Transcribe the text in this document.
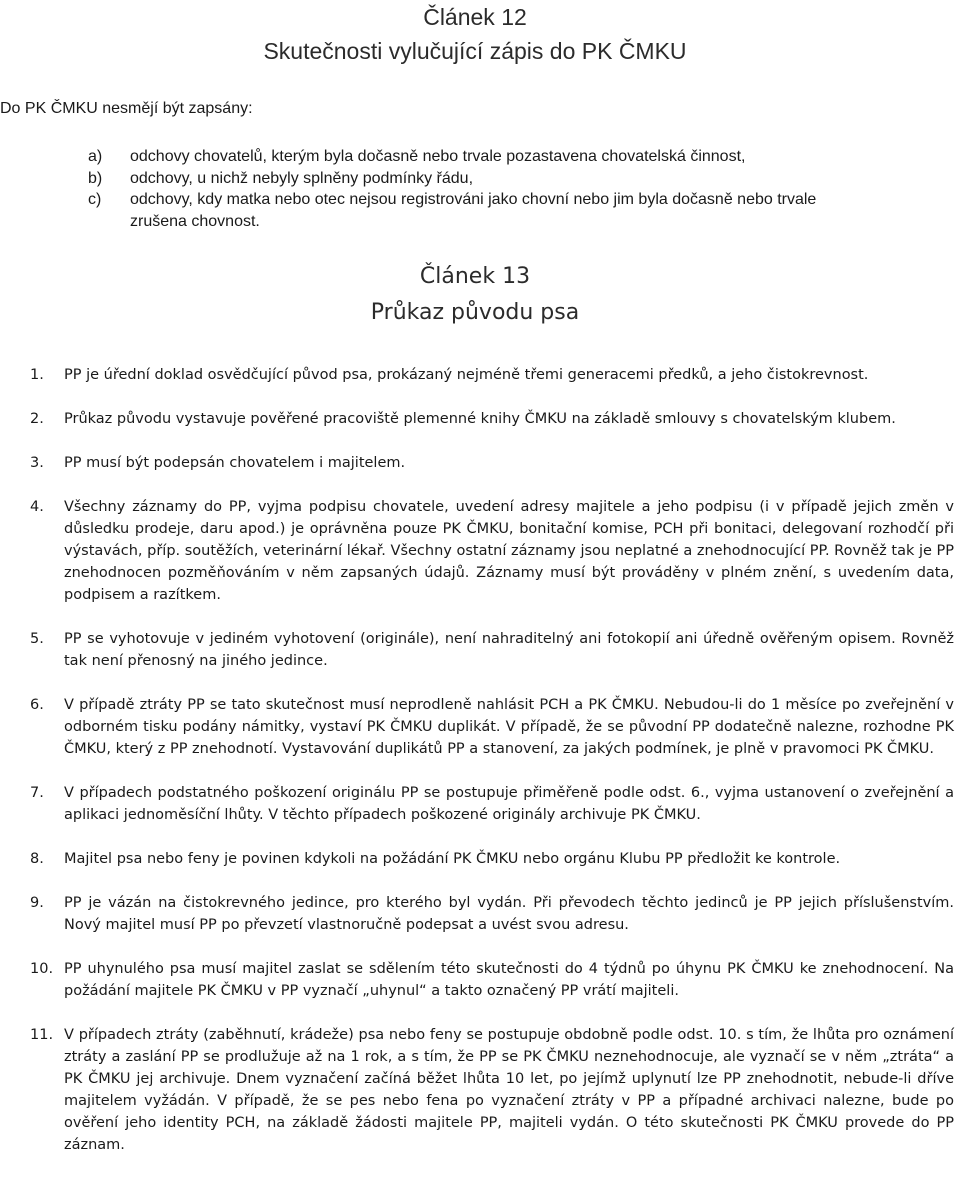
Článek 12
Skutečnosti vylučující zápis do PK ČMKU
Do PK ČMKU nesmějí být zapsány:
a)	odchovy chovatelů, kterým byla dočasně nebo trvale pozastavena chovatelská činnost,
b)	odchovy, u nichž nebyly splněny podmínky řádu,
c)	odchovy, kdy matka nebo otec nejsou registrováni jako chovní nebo jim byla dočasně nebo trvale
zrušena chovnost.
Článek 13
Průkaz původu psa
1.	PP je úřední doklad osvědčující původ psa, prokázaný nejméně třemi generacemi předků, a jeho čistokrevnost.
2.	Průkaz původu vystavuje pověřené pracoviště plemenné knihy ČMKU na základě smlouvy s chovatelským klubem.
3.	PP musí být podepsán chovatelem i majitelem.
4.	Všechny záznamy do PP, vyjma podpisu chovatele, uvedení adresy majitele a jeho podpisu (i v případě jejich změn v důsledku prodeje, daru apod.) je oprávněna pouze PK ČMKU, bonitační komise, PCH při bonitaci, delegovaní rozhodčí při výstavách, příp. soutěžích, veterinární lékař. Všechny ostatní záznamy jsou neplatné a znehodnocující PP. Rovněž tak je PP znehodnocen pozměňováním v něm zapsaných údajů. Záznamy musí být prováděny v plném znění, s uvedením data, podpisem a razítkem.
5.	PP se vyhotovuje v jediném vyhotovení (originále), není nahraditelný ani fotokopií ani úředně ověřeným opisem. Rovněž tak není přenosný na jiného jedince.
6.	V případě ztráty PP se tato skutečnost musí neprodleně nahlásit PCH a PK ČMKU. Nebudou-li do 1 měsíce po zveřejnění v odborném tisku podány námitky, vystaví PK ČMKU duplikát. V případě, že se původní PP dodatečně nalezne, rozhodne PK ČMKU, který z PP znehodnotí. Vystavování duplikátů PP a stanovení, za jakých podmínek, je plně v pravomoci PK ČMKU.
7.	V případech podstatného poškození originálu PP se postupuje přiměřeně podle odst. 6., vyjma ustanovení o zveřejnění a aplikaci jednoměsíční lhůty. V těchto případech poškozené originály archivuje PK ČMKU.
8.	Majitel psa nebo feny je povinen kdykoli na požádání PK ČMKU nebo orgánu Klubu PP předložit ke kontrole.
9.	PP je vázán na čistokrevného jedince, pro kterého byl vydán. Při převodech těchto jedinců je PP jejich příslušenstvím. Nový majitel musí PP po převzetí vlastnoručně podepsat a uvést svou adresu.
10. PP uhynulého psa musí majitel zaslat se sdělením této skutečnosti do 4 týdnů po úhynu PK ČMKU ke znehodnocení. Na požádání majitele PK ČMKU v PP vyznačí „uhynul“ a takto označený PP vrátí majiteli.
11. V případech ztráty (zaběhnutí, krádeže) psa nebo feny se postupuje obdobně podle odst. 10. s tím, že lhůta pro oznámení ztráty a zaslání PP se prodlužuje až na 1 rok, a s tím, že PP se PK ČMKU neznehodnocuje, ale vyznačí se v něm „ztráta“ a PK ČMKU jej archivuje. Dnem vyznačení začíná běžet lhůta 10 let, po jejímž uplynutí lze PP znehodnotit, nebude-li dříve majitelem vyžádán. V případě, že se pes nebo fena po vyznačení ztráty v PP a případné archivaci nalezne, bude po ověření jeho identity PCH, na základě žádosti majitele PP, majiteli vydán. O této skutečnosti PK ČMKU provede do PP záznam.
